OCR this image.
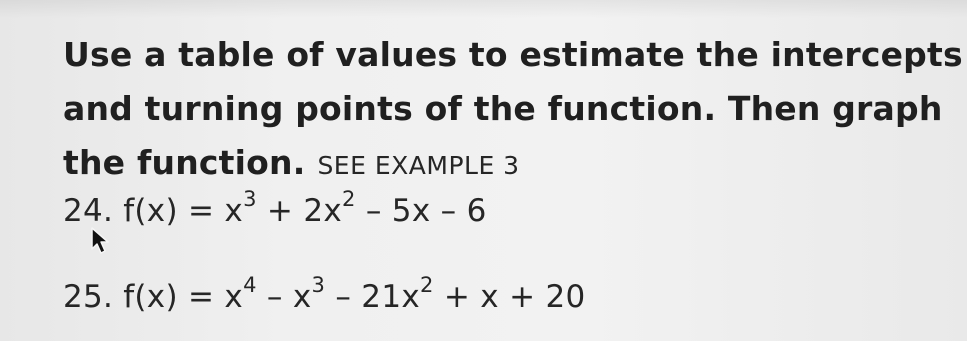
Use a table of values to estimate the intercepts
and turning points of the function. Then graph
the function. SEE EXAMPLE 3
24. $f(x) = x^3 + 2x^2 - 5x - 6$
25. $f(x) = x^4 - x^3 - 21x^2 + x + 20$
